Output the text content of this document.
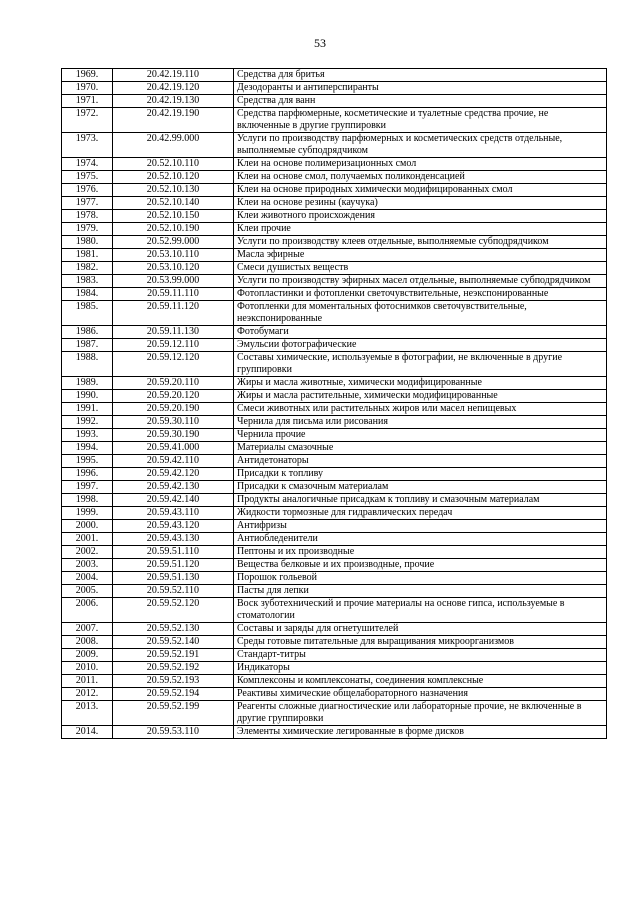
53
1969.	20.42.19.110	Средства для бритья
1970.	20.42.19.120	Дезодоранты и антиперспиранты
1971.	20.42.19.130	Средства для ванн
1972.	20.42.19.190	Средства парфюмерные, косметические и туалетные средства прочие, не включенные в другие группировки
1973.	20.42.99.000	Услуги по производству парфюмерных и косметических средств отдельные, выполняемые субподрядчиком
1974.	20.52.10.110	Клеи на основе полимеризационных смол
1975.	20.52.10.120	Клеи на основе смол, получаемых поликонденсацией
1976.	20.52.10.130	Клеи на основе природных химически модифицированных смол
1977.	20.52.10.140	Клеи на основе резины (каучука)
1978.	20.52.10.150	Клеи животного происхождения
1979.	20.52.10.190	Клеи прочие
1980.	20.52.99.000	Услуги по производству клеев отдельные, выполняемые субподрядчиком
1981.	20.53.10.110	Масла эфирные
1982.	20.53.10.120	Смеси душистых веществ
1983.	20.53.99.000	Услуги по производству эфирных масел отдельные, выполняемые субподрядчиком
1984.	20.59.11.110	Фотопластинки и фотопленки светочувствительные, неэкспонированные
1985.	20.59.11.120	Фотопленки для моментальных фотоснимков светочувствительные, неэкспонированные
1986.	20.59.11.130	Фотобумаги
1987.	20.59.12.110	Эмульсии фотографические
1988.	20.59.12.120	Составы химические, используемые в фотографии, не включенные в другие группировки
1989.	20.59.20.110	Жиры и масла животные, химически модифицированные
1990.	20.59.20.120	Жиры и масла растительные, химически модифицированные
1991.	20.59.20.190	Смеси животных или растительных жиров или масел непищевых
1992.	20.59.30.110	Чернила для письма или рисования
1993.	20.59.30.190	Чернила прочие
1994.	20.59.41.000	Материалы смазочные
1995.	20.59.42.110	Антидетонаторы
1996.	20.59.42.120	Присадки к топливу
1997.	20.59.42.130	Присадки к смазочным материалам
1998.	20.59.42.140	Продукты аналогичные присадкам к топливу и смазочным материалам
1999.	20.59.43.110	Жидкости тормозные для гидравлических передач
2000.	20.59.43.120	Антифризы
2001.	20.59.43.130	Антиобледенители
2002.	20.59.51.110	Пептоны и их производные
2003.	20.59.51.120	Вещества белковые и их производные, прочие
2004.	20.59.51.130	Порошок гольевой
2005.	20.59.52.110	Пасты для лепки
2006.	20.59.52.120	Воск зуботехнический и прочие материалы на основе гипса, используемые в стоматологии
2007.	20.59.52.130	Составы и заряды для огнетушителей
2008.	20.59.52.140	Среды готовые питательные для выращивания микроорганизмов
2009.	20.59.52.191	Стандарт-титры
2010.	20.59.52.192	Индикаторы
2011.	20.59.52.193	Комплексоны и комплексонаты, соединения комплексные
2012.	20.59.52.194	Реактивы химические общелабораторного назначения
2013.	20.59.52.199	Реагенты сложные диагностические или лабораторные прочие, не включенные в другие группировки
2014.	20.59.53.110	Элементы химические легированные в форме дисков
